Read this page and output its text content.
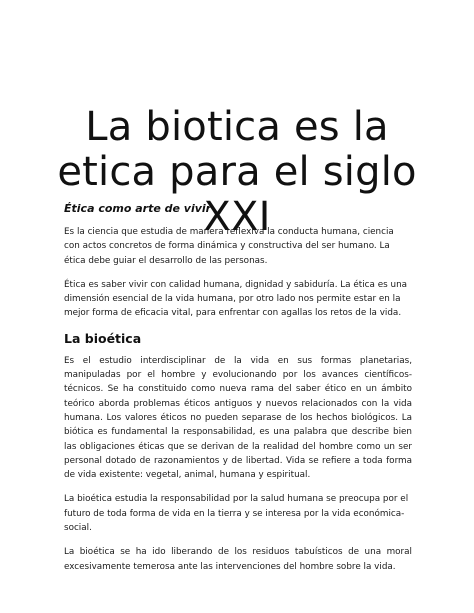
La biotica es la
etica para el siglo
XXI
Ética como arte de vivir

Es la ciencia que estudia de manera reflexiva la conducta humana, ciencia con actos concretos de forma dinámica y constructiva del ser humano. La ética debe guiar el desarrollo de las personas.

Ética es saber vivir con calidad humana, dignidad y sabiduría. La ética es una dimensión esencial de la vida humana, por otro lado nos permite estar en la mejor forma de eficacia vital, para enfrentar con agallas los retos de la vida.

La bioética

Es el estudio interdisciplinar de la vida en sus formas planetarias, manipuladas por el hombre y evolucionando por los avances científicos-técnicos. Se ha constituido como nueva rama del saber ético en un ámbito teórico aborda problemas éticos antiguos y nuevos relacionados con la vida humana. Los valores éticos no pueden separase de los hechos biológicos. La biótica es fundamental la responsabilidad, es una palabra que describe bien las obligaciones éticas que se derivan de la realidad del hombre como un ser personal dotado de razonamientos y de libertad. Vida se refiere a toda forma de vida existente: vegetal, animal, humana y espiritual.

La bioética estudia la responsabilidad por la salud humana se preocupa por el futuro de toda forma de vida en la tierra y se interesa por la vida económica-social.

La bioética se ha ido liberando de los residuos tabuísticos de una moral excesivamente temerosa ante las intervenciones del hombre sobre la vida.
